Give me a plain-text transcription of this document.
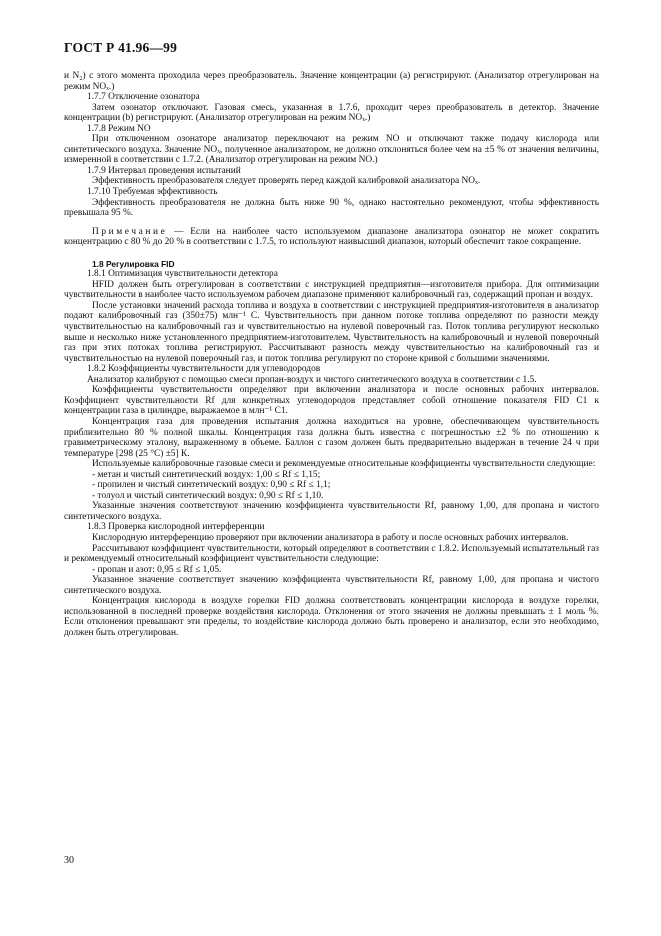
ГОСТ Р 41.96—99

и N₂) с этого момента проходила через преобразователь. Значение концентрации (a) регистрируют. (Анализатор отрегулирован на режим NOₓ.)

1.7.7 Отключение озонатора

Затем озонатор отключают. Газовая смесь, указанная в 1.7.6, проходит через преобразователь в детектор. Значение концентрации (b) регистрируют. (Анализатор отрегулирован на режим NOₓ.)

1.7.8 Режим NO

При отключенном озонаторе анализатор переключают на режим NO и отключают также подачу кислорода или синтетического воздуха. Значение NOₓ, полученное анализатором, не должно отклоняться более чем на ±5 % от значения величины, измеренной в соответствии с 1.7.2. (Анализатор отрегулирован на режим NO.)

1.7.9 Интервал проведения испытаний

Эффективность преобразователя следует проверять перед каждой калибровкой анализатора NOₓ.

1.7.10 Требуемая эффективность

Эффективность преобразователя не должна быть ниже 90 %, однако настоятельно рекомендуют, чтобы эффективность превышала 95 %.

Примечание — Если на наиболее часто используемом диапазоне анализатора озонатор не может сократить концентрацию с 80 % до 20 % в соответствии с 1.7.5, то используют наивысший диапазон, который обеспечит такое сокращение.

1.8 Регулировка FID

1.8.1 Оптимизация чувствительности детектора

HFID должен быть отрегулирован в соответствии с инструкцией предприятия—изготовителя прибора. Для оптимизации чувствительности в наиболее часто используемом рабочем диапазоне применяют калибровочный газ, содержащий пропан и воздух.

После установки значений расхода топлива и воздуха в соответствии с инструкцией предприятия-изготовителя в анализатор подают калибровочный газ (350±75) млн⁻¹ С. Чувствительность при данном потоке топлива определяют по разности между чувствительностью на калибровочный газ и чувствительностью на нулевой поверочный газ. Поток топлива регулируют несколько выше и несколько ниже установленного предприятием-изготовителем. Чувствительность на калибровочный и нулевой поверочный газ при этих потоках топлива регистрируют. Рассчитывают разность между чувствительностью на калибровочный газ и чувствительностью на нулевой поверочный газ, и поток топлива регулируют по стороне кривой с большими значениями.

1.8.2 Коэффициенты чувствительности для углеводородов

Анализатор калибруют с помощью смеси пропан-воздух и чистого синтетического воздуха в соответствии с 1.5.

Коэффициенты чувствительности определяют при включении анализатора и после основных рабочих интервалов. Коэффициент чувствительности Rf для конкретных углеводородов представляет собой отношение показателя FID C1 к концентрации газа в цилиндре, выражаемое в млн⁻¹ С1.

Концентрация газа для проведения испытания должна находиться на уровне, обеспечивающем чувствительность приблизительно 80 % полной шкалы. Концентрация газа должна быть известна с погрешностью ±2 % по отношению к гравиметрическому эталону, выраженному в объеме. Баллон с газом должен быть предварительно выдержан в течение 24 ч при температуре [298 (25 °С) ±5] К.

Используемые калибровочные газовые смеси и рекомендуемые относительные коэффициенты чувствительности следующие:

- метан и чистый синтетический воздух: 1,00 ≤ Rf ≤ 1,15;

- пропилен и чистый синтетический воздух: 0,90 ≤ Rf ≤ 1,1;

- толуол и чистый синтетический воздух: 0,90 ≤ Rf ≤ 1,10.

Указанные значения соответствуют значению коэффициента чувствительности Rf, равному 1,00, для пропана и чистого синтетического воздуха.

1.8.3 Проверка кислородной интерференции

Кислородную интерференцию проверяют при включении анализатора в работу и после основных рабочих интервалов.

Рассчитывают коэффициент чувствительности, который определяют в соответствии с 1.8.2. Используемый испытательный газ и рекомендуемый относительный коэффициент чувствительности следующие:

- пропан и азот: 0,95 ≤ Rf ≤ 1,05.

Указанное значение соответствует значению коэффициента чувствительности Rf, равному 1,00, для пропана и чистого синтетического воздуха.

Концентрация кислорода в воздухе горелки FID должна соответствовать концентрации кислорода в воздухе горелки, использованной в последней проверке воздействия кислорода. Отклонения от этого значения не должны превышать ± 1 моль %. Если отклонения превышают эти пределы, то воздействие кислорода должно быть проверено и анализатор, если это необходимо, должен быть отрегулирован.

30
